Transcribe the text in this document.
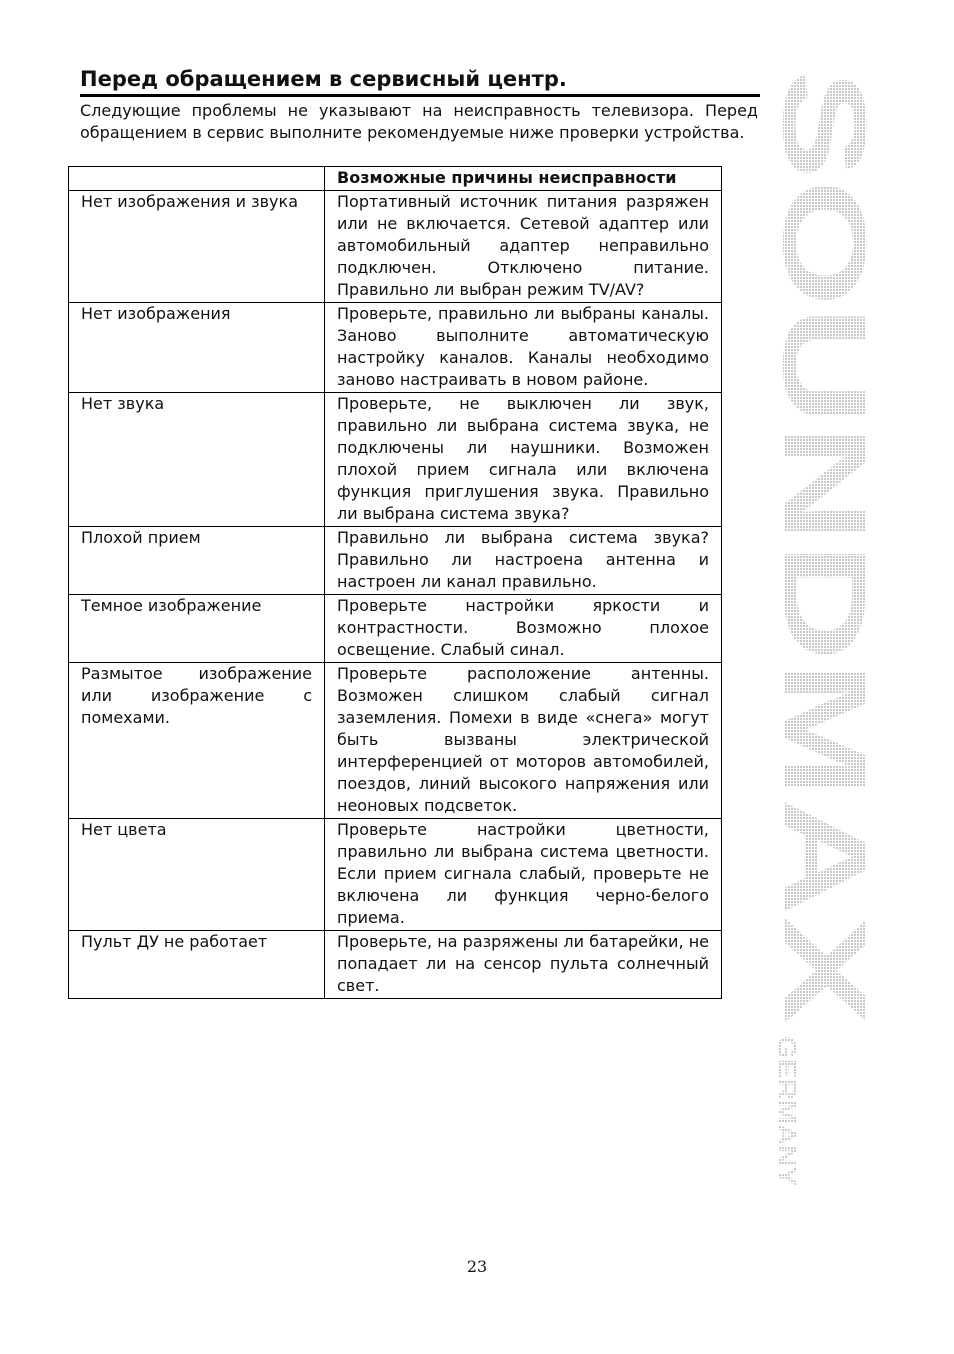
Перед обращением в сервисный центр.

Следующие проблемы не указывают на неисправность телевизора. Перед обращением в сервис выполните рекомендуемые ниже проверки устройства.

	Возможные причины неисправности
Нет изображения и звука	Портативный источник питания разряжен или не включается. Сетевой адаптер или автомобильный адаптер неправильно подключен. Отключено питание. Правильно ли выбран режим TV/AV?
Нет изображения	Проверьте, правильно ли выбраны каналы. Заново выполните автоматическую настройку каналов. Каналы необходимо заново настраивать в новом районе.
Нет звука	Проверьте, не выключен ли звук, правильно ли выбрана система звука, не подключены ли наушники. Возможен плохой прием сигнала или включена функция приглушения звука. Правильно ли выбрана система звука?
Плохой прием	Правильно ли выбрана система звука? Правильно ли настроена антенна и настроен ли канал правильно.
Темное изображение	Проверьте настройки яркости и контрастности. Возможно плохое освещение. Слабый синал.
Размытое изображение или изображение с помехами.	Проверьте расположение антенны. Возможен слишком слабый сигнал заземления. Помехи в виде «снега» могут быть вызваны электрической интерференцией от моторов автомобилей, поездов, линий высокого напряжения или неоновых подсветок.
Нет цвета	Проверьте настройки цветности, правильно ли выбрана система цветности. Если прием сигнала слабый, проверьте не включена ли функция черно-белого приема.
Пульт ДУ не работает	Проверьте, на разряжены ли батарейки, не попадает ли на сенсор пульта солнечный свет.
SOUNDMAX
GERMANY
23
